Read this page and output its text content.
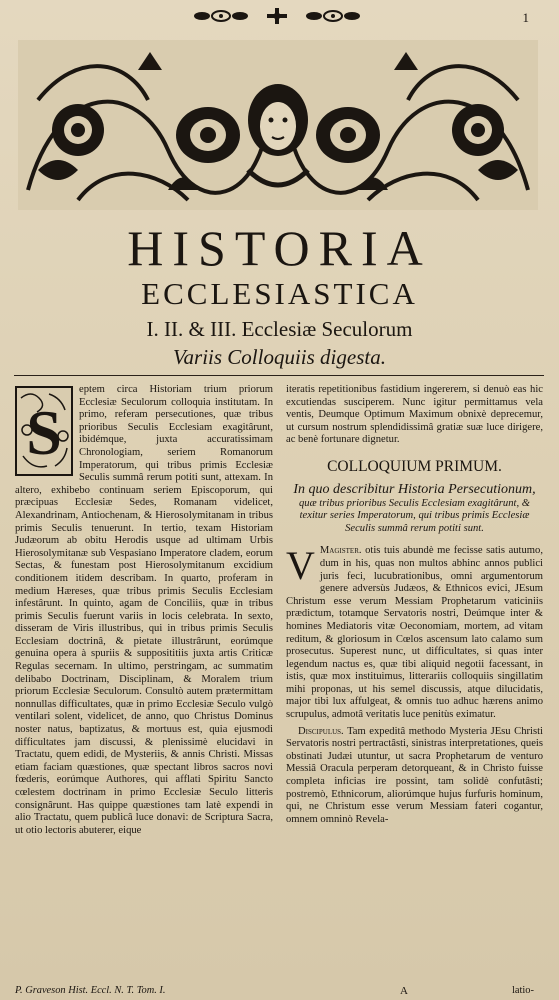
1
HISTORIA
ECCLESIASTICA
I. II. & III. Ecclesiæ Seculorum
Variis Colloquiis digesta.
S
eptem circa Historiam trium priorum Ecclesiæ Seculorum colloquia institutam. In primo, referam persecutiones, quæ tribus prioribus Seculis Ecclesiam exagitârunt, ibidémque, juxta accuratissimam Chronologiam, seriem Romanorum Imperatorum, qui tribus primis Ecclesiæ Seculis summâ rerum potiti sunt, attexam. In altero, exhibebo continuam seriem Episcoporum, qui præcipuas Ecclesiæ Sedes, Romanam videlicet, Alexandrinam, Antiochenam, & Hierosolymitanam in tribus primis Seculis tenuerunt. In tertio, texam Historiam Judæorum ab obitu Herodis usque ad ultimam Urbis Hierosolymitanæ sub Vespasiano Imperatore cladem, eorum Sectas, & funestam post Hierosolymitanum excidium conditionem itidem describam. In quarto, proferam in medium Hæreses, quæ tribus primis Seculis Ecclesiam infestârunt. In quinto, agam de Conciliis, quæ in tribus primis Seculis fuerunt variis in locis celebrata. In sexto, disseram de Viris illustribus, qui in tribus primis Seculis Ecclesiam doctrinâ, & pietate illustrârunt, eorúmque genuina opera à spuriis & supposititiis juxta artis Criticæ Regulas secernam. In ultimo, perstringam, ac summatim delibabo Doctrinam, Disciplinam, & Moralem trium priorum Ecclesiæ Seculorum. Consultò autem prætermittam nonnullas difficultates, quæ in primo Ecclesiæ Seculo vulgò ventilari solent, videlicet, de anno, quo Christus Dominus noster natus, baptizatus, & mortuus est, quia ejusmodi difficultates jam discussi, & plenissimè elucidavi in Tractatu, quem edidi, de Mysteriis, & annis Christi. Missas etiam faciam quæstiones, quæ spectant libros sacros novi fœderis, eorúmque Authores, qui afflati Spiritu Sancto cœlestem doctrinam in primo Ecclesiæ Seculo litteris consignârunt. Has quippe quæstiones tam latè expendi in alio Tractatu, quem publicâ luce donavi: de Scriptura Sacra, ut otio lectoris abuterer, eique
iteratis repetitionibus fastidium ingererem, si denuò eas hic excutiendas susciperem. Nunc igitur permittamus vela ventis, Deumque Optimum Maximum obnixè deprecemur, ut cursum nostrum splendidissimâ gratiæ suæ luce dirigere, ac benè fortunare dignetur.
COLLOQUIUM PRIMUM.
In quo describitur Historia Persecutionum, quæ tribus prioribus Seculis Ecclesiam exagitârunt, & texitur series Imperatorum, qui tribus primis Ecclesiæ Seculis summâ rerum potiti sunt.
Magister.
V	otis tuis abundè me fecisse satis autumo, dum in his, quas non multos abhinc annos publici juris feci, lucubrationibus, omni argumentorum genere adversùs Judæos, & Ethnicos evici, JEsum Christum esse verum Messiam Prophetarum vaticiniis prædictum, totamque Servatoris nostri, Deúmque inter & homines Mediatoris vitæ Oeconomiam, mortem, ad vitam reditum, & gloriosum in Cœlos ascensum lato calamo sum prosecutus. Superest nunc, ut difficultates, si quas inter legendum nactus es, quæ tibi aliquid negotii facessant, in istis, quæ mox instituimus, litterariis colloquiis singillatim mihi proponas, ut his semel discussis, atque dilucidatis, major tibi lux affulgeat, & omnis tuo adhuc hærens animo scrupulus, admotâ veritatis luce penitùs eximatur.
Discipulus. Tam expeditâ methodo Mysteria JEsu Christi Servatoris nostri pertractâsti, sinistras interpretationes, queis obstinati Judæi utuntur, ut sacra Prophetarum de venturo Messiâ Oracula perperam detorqueant, & in Christo fuisse completa inficias ire possint, tam solidè confutâsti; postremò, Ethnicorum, aliorúmque hujus furfuris hominum, qui, ne Christum esse verum Messiam fateri cogantur, omnem omninò Revela-
P. Graveson Hist. Eccl. N. T. Tom. I.	A	latio-
